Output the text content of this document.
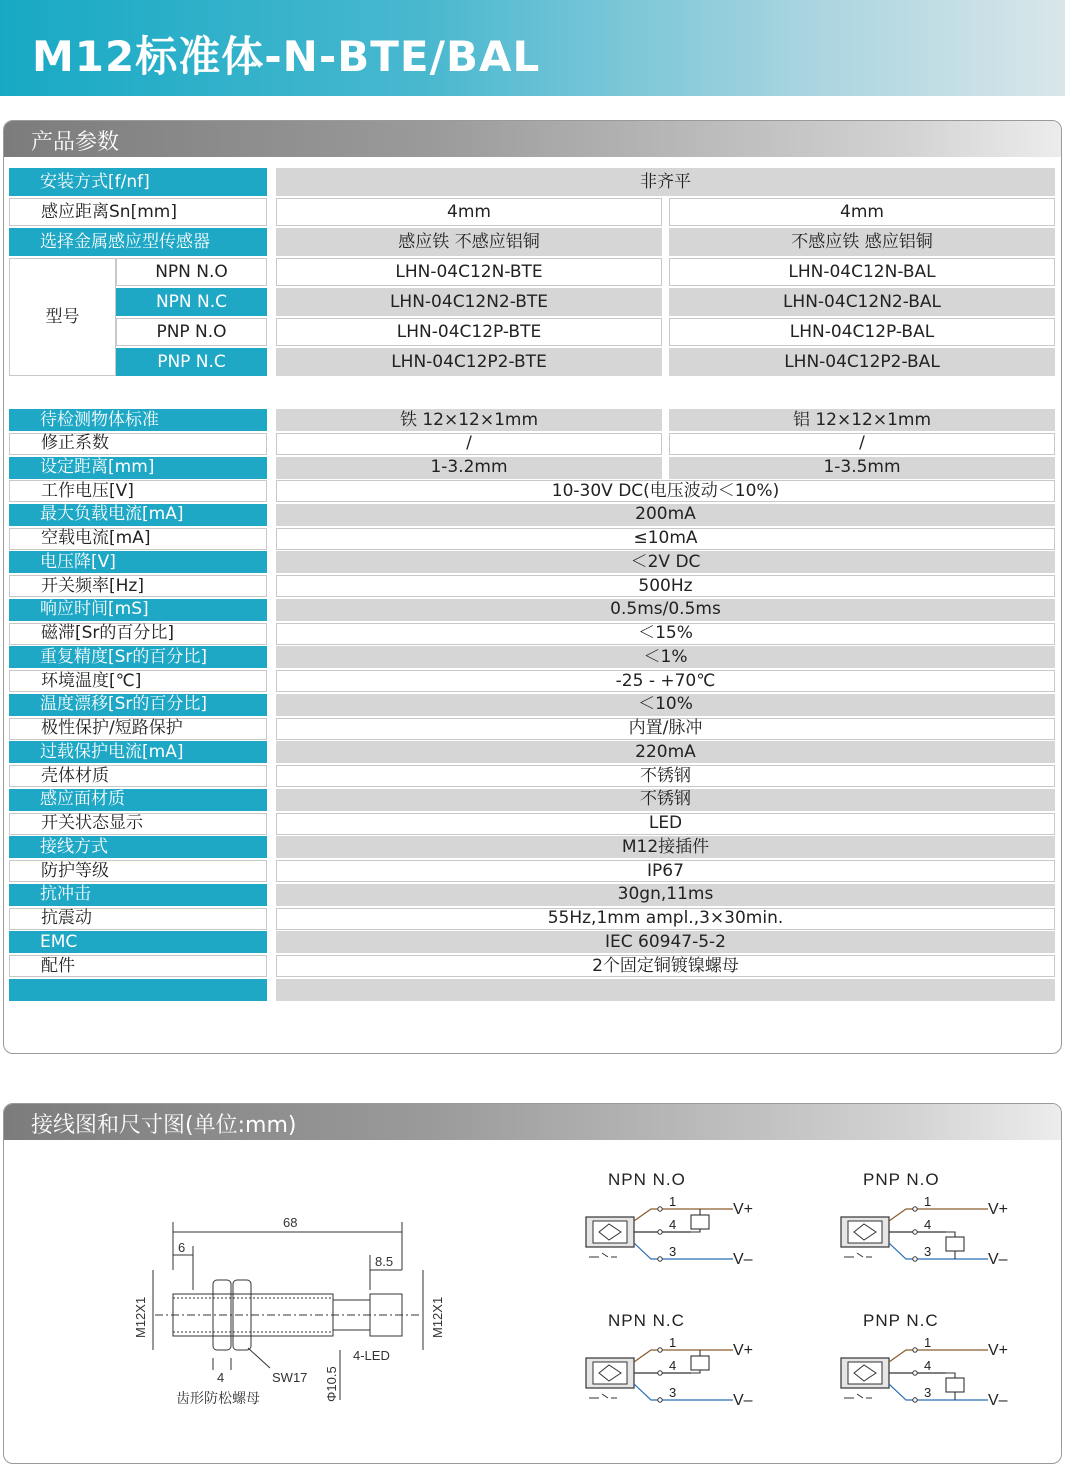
M12标准体-N-BTE/BAL
产品参数
安装方式[f/nf]	非齐平
感应距离Sn[mm]	4mm	4mm
选择金属感应型传感器	感应铁 不感应铝铜	不感应铁 感应铝铜
型号
NPN N.O	LHN-04C12N-BTE	LHN-04C12N-BAL
NPN N.C	LHN-04C12N2-BTE	LHN-04C12N2-BAL
PNP N.O	LHN-04C12P-BTE	LHN-04C12P-BAL
PNP N.C	LHN-04C12P2-BTE	LHN-04C12P2-BAL
待检测物体标准	铁 12×12×1mm	铝 12×12×1mm
修正系数	/	/
设定距离[mm]	1-3.2mm	1-3.5mm
工作电压[V]	10-30V DC(电压波动＜10%)
最大负载电流[mA]	200mA
空载电流[mA]	≤10mA
电压降[V]	＜2V DC
开关频率[Hz]	500Hz
响应时间[mS]	0.5ms/0.5ms
磁滞[Sr的百分比]	＜15%
重复精度[Sr的百分比]	＜1%
环境温度[℃]	-25 - +70℃
温度漂移[Sr的百分比]	＜10%
极性保护/短路保护	内置/脉冲
过载保护电流[mA]	220mA
壳体材质	不锈钢
感应面材质	不锈钢
开关状态显示	LED
接线方式	M12接插件
防护等级	IP67
抗冲击	30gn,11ms
抗震动	55Hz,1mm ampl.,3×30min.
EMC	IEC 60947-5-2
配件	2个固定铜镀镍螺母
接线图和尺寸图(单位:mm)
68
6
8.5
M12X1	M12X1
4	SW17 Φ10.5
4-LED
齿形防松螺母
NPN N.O
1
4
3
V+
V–
PNP N.O
1
4
3
V+
V–
NPN N.C
1
4
3
V+
V–
PNP N.C
1
4
3
V+
V–
